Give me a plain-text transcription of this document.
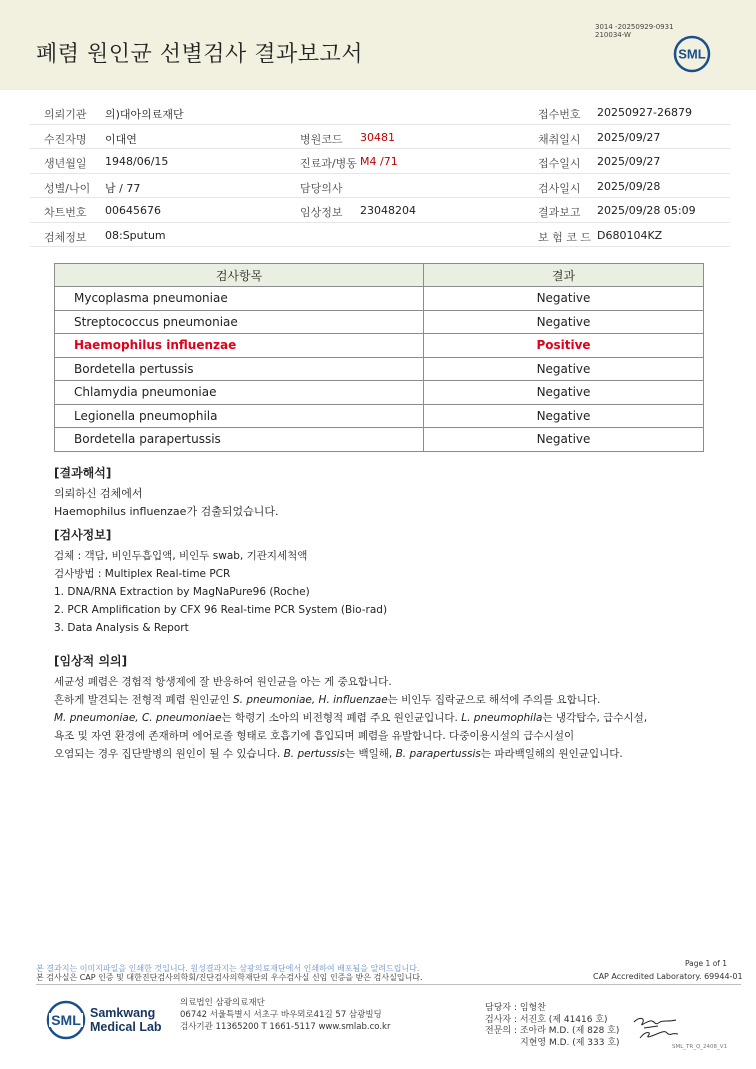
폐렴 원인균 선별검사 결과보고서
3014 -20250929-0931
210034-W
SML
의뢰기관 의)대아의료재단	접수번호 20250927-26879
수진자명 이대연	병원코드 30481	채취일시 2025/09/27
생년월일 1948/06/15	진료과/병동 M4 /71	접수일시 2025/09/27
성별/나이 남 / 77	담당의사	검사일시 2025/09/28
차트번호 00645676	임상정보 23048204	결과보고 2025/09/28 05:09
검체정보 08:Sputum	보 험 코 드 D680104KZ
검사항목	결과
Mycoplasma pneumoniae	Negative
Streptococcus pneumoniae	Negative
Haemophilus influenzae	Positive
Bordetella pertussis	Negative
Chlamydia pneumoniae	Negative
Legionella pneumophila	Negative
Bordetella parapertussis	Negative
[결과해석]
의뢰하신 검체에서
Haemophilus influenzae가 검출되었습니다.
[검사정보]
검체 : 객담, 비인두흡입액, 비인두 swab, 기관지세척액
검사방법 : Multiplex Real-time PCR
1. DNA/RNA Extraction by MagNaPure96 (Roche)
2. PCR Amplification by CFX 96 Real-time PCR System (Bio-rad)
3. Data Analysis & Report
[임상적 의의]
세균성 폐렴은 경험적 항생제에 잘 반응하여 원인균을 아는 게 중요합니다.
흔하게 발견되는 전형적 폐렴 원인균인 S. pneumoniae, H. influenzae는 비인두 집락균으로 해석에 주의를 요합니다.
M. pneumoniae, C. pneumoniae는 학령기 소아의 비전형적 폐렴 주요 원인균입니다. L. pneumophila는 냉각탑수, 급수시설,
욕조 및 자연 환경에 존재하며 에어로졸 형태로 호흡기에 흡입되며 폐렴을 유발합니다. 다중이용시설의 급수시설이
오염되는 경우 집단발병의 원인이 될 수 있습니다. B. pertussis는 백일해, B. parapertussis는 파라백일해의 원인균입니다.
Page 1 of 1
본 결과지는 이미지파일을 인쇄한 것입니다. 원성결과지는 삼광의료재단에서 인쇄하여 배포됨을 알려드립니다.
본 검사실은 CAP 인증 및 대한진단검사의학회/진단검사의학재단의 우수검사실 신임 인증을 받은 검사실입니다.	CAP Accredited Laboratory. 69944-01
SML Samkwang
Medical Lab
의료법인 삼광의료재단
06742 서울특별시 서초구 바우뫼로41길 57 삼광빌딩
검사기관 11365200 T 1661-5117 www.smlab.co.kr
담당자 : 임형찬
검사자 : 서진호 (제 41416 호)
전문의 : 조아라 M.D. (제 828 호)
지현영 M.D. (제 333 호)	SML_TR_Q_2408_V1
